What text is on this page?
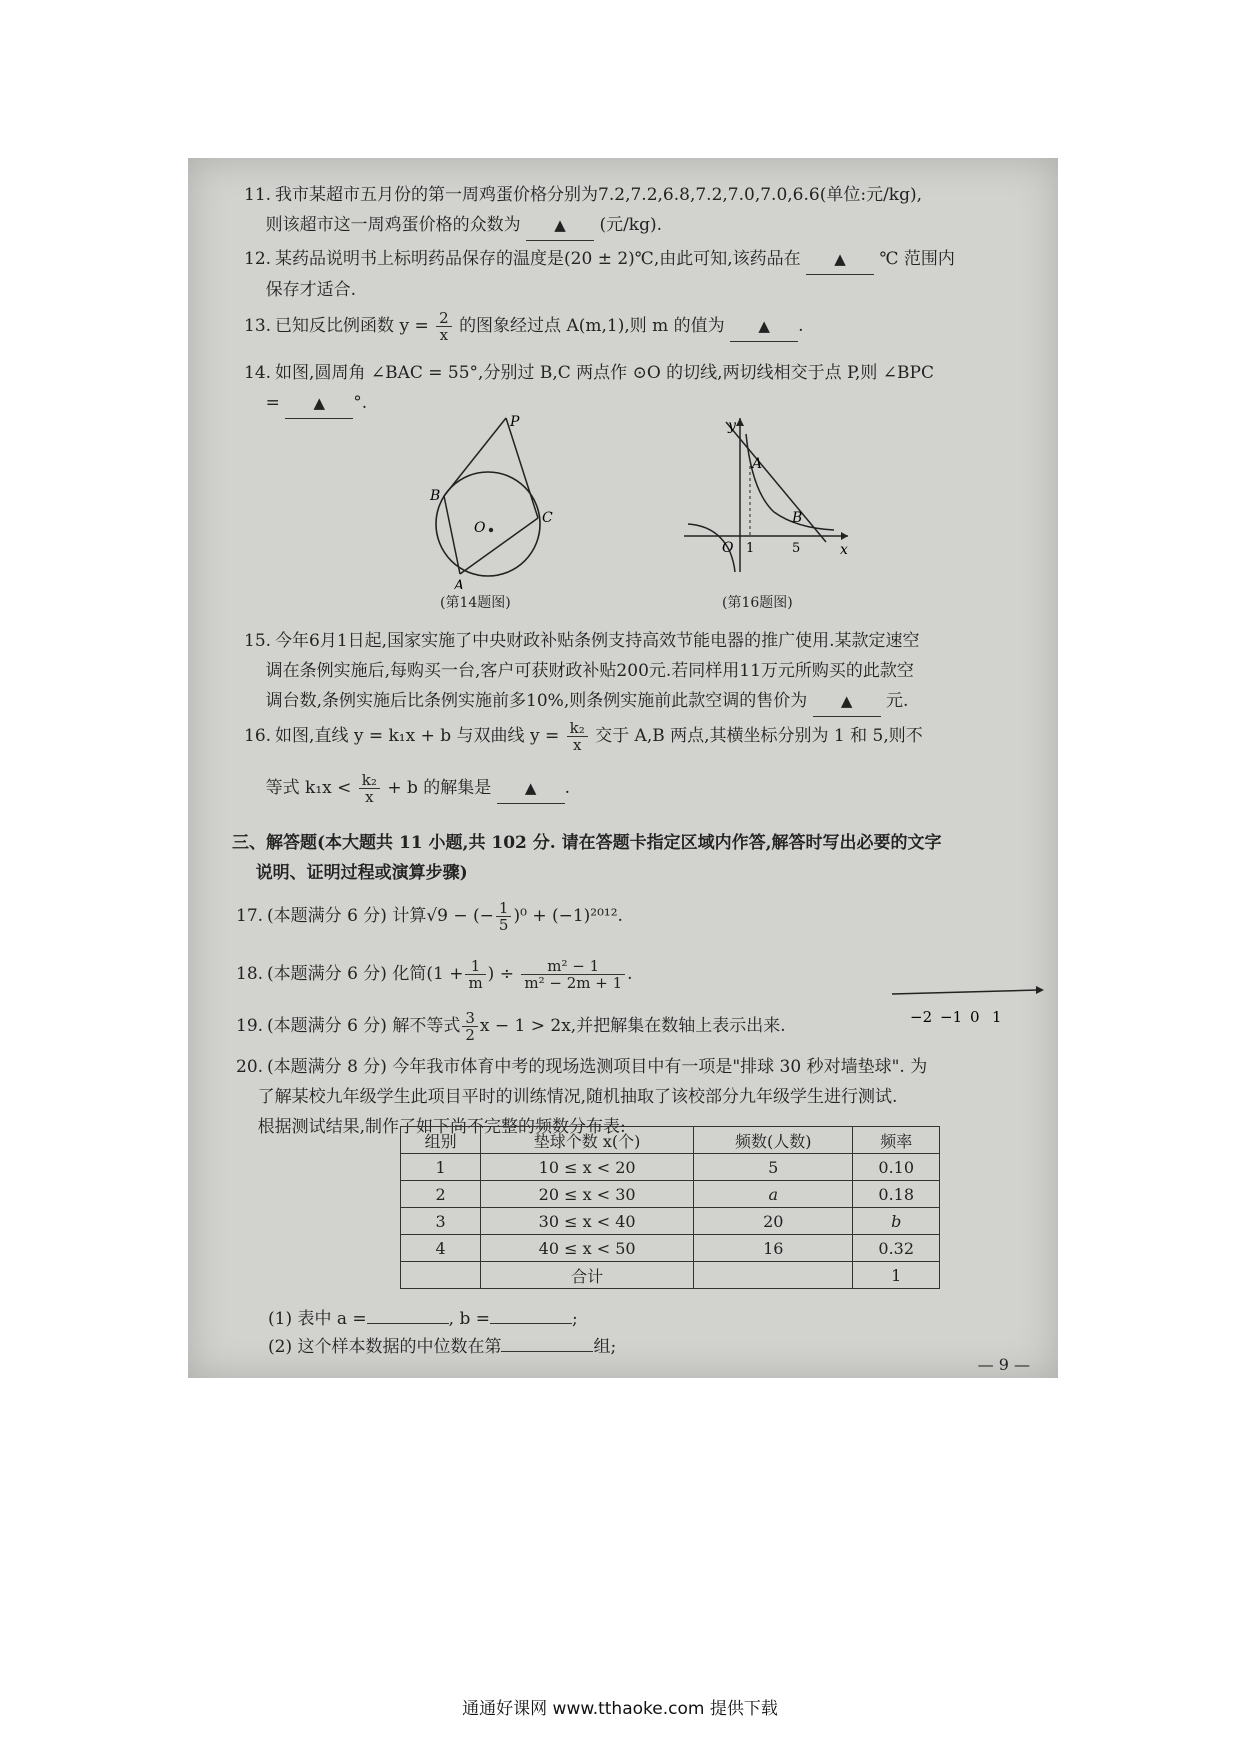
11. 我市某超市五月份的第一周鸡蛋价格分别为7.2,7.2,6.8,7.2,7.0,7.0,6.6(单位:元/kg),
则该超市这一周鸡蛋价格的众数为 ▲ (元/kg).
12. 某药品说明书上标明药品保存的温度是(20 ± 2)℃,由此可知,该药品在 ▲ ℃ 范围内
保存才适合.
13. 已知反比例函数 $y = \frac{2}{x}$ 的图象经过点 A(m,1),则 m 的值为 ▲ .
14. 如图,圆周角 ∠BAC = 55°,分别过 B,C 两点作 ⊙O 的切线,两切线相交于点 P,则 ∠BPC
= ▲ °.
P
B
C
O
A
(第14题图)
y
x
A
B
O 1	5
(第16题图)
15. 今年6月1日起,国家实施了中央财政补贴条例支持高效节能电器的推广使用.某款定速空
调在条例实施后,每购买一台,客户可获财政补贴200元.若同样用11万元所购买的此款空
调台数,条例实施后比条例实施前多10%,则条例实施前此款空调的售价为 ▲ 元.
16. 如图,直线 y = k₁x + b 与双曲线 $y = \frac{\text{k₂}}{x}$ 交于 A,B 两点,其横坐标分别为 1 和 5,则不
等式 $k_1x < \frac{\text{k₂}}{x} + b$ 的解集是 ▲ .
三、解答题(本大题共 11 小题,共 102 分. 请在答题卡指定区域内作答,解答时写出必要的文字
说明、证明过程或演算步骤)
17. (本题满分 6 分) 计算√9 − (− $\frac{1}{5} )^0 + (-1)^{2012}$.
18. (本题满分 6 分) 化简($1 + \frac{1}{m}$ ) ÷ $\frac{\text{m² − 1}}{\text{m² − 2m + 1}}$ .
19. (本题满分 6 分) 解不等式 $\frac{3}{2}$ x − 1 > 2x,并把解集在数轴上表示出来.	−2 −1 0 1
20. (本题满分 8 分) 今年我市体育中考的现场选测项目中有一项是"排球 30 秒对墙垫球". 为
了解某校九年级学生此项目平时的训练情况,随机抽取了该校部分九年级学生进行测试.
根据测试结果,制作了如下尚不完整的频数分布表:
(1) 表中 a =	, b =	;
(2) 这个样本数据的中位数在第	组;
— 9 —
组别	垫球个数 x(个)	频数(人数)	频率
1	10 ≤ x < 20	5	0.10
2	20 ≤ x < 30	a	0.18
3	30 ≤ x < 40	20	b
4	40 ≤ x < 50	16	0.32
	合计		1
通通好课网 www.tthaoke.com 提供下载
